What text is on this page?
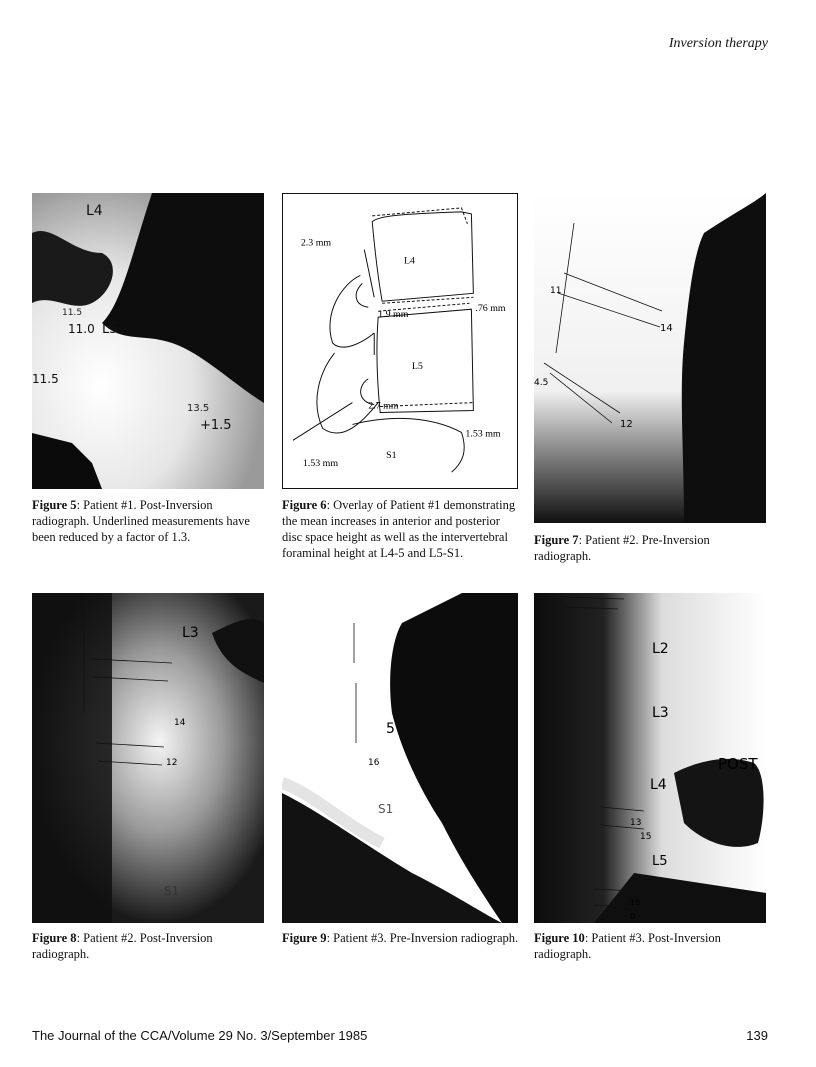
Inversion therapy
L4
11.5
11.0 L5
11.5
13.5
+1.5
Figure 5: Patient #1. Post-Inversion radiograph. Underlined measurements have been reduced by a factor of 1.3.
2.3 mm
L4
.76 mm
1.9 mm
L5
2.7 mm
1.53 mm
1.53 mm
S1
Figure 6: Overlay of Patient #1 demonstrating the mean increases in anterior and posterior disc space height as well as the intervertebral foraminal height at L4-5 and L5-S1.
11
14
4.5
12
Figure 7: Patient #2. Pre-Inversion radiograph.
L3
14
12
S1
Figure 8: Patient #2. Post-Inversion radiograph.
5
16
S1
Figure 9: Patient #3. Pre-Inversion radiograph.
L2
L3
POST
L4
13
15
L5
16
0
Figure 10: Patient #3. Post-Inversion radiograph.
The Journal of the CCA/Volume 29 No. 3/September 1985	139
